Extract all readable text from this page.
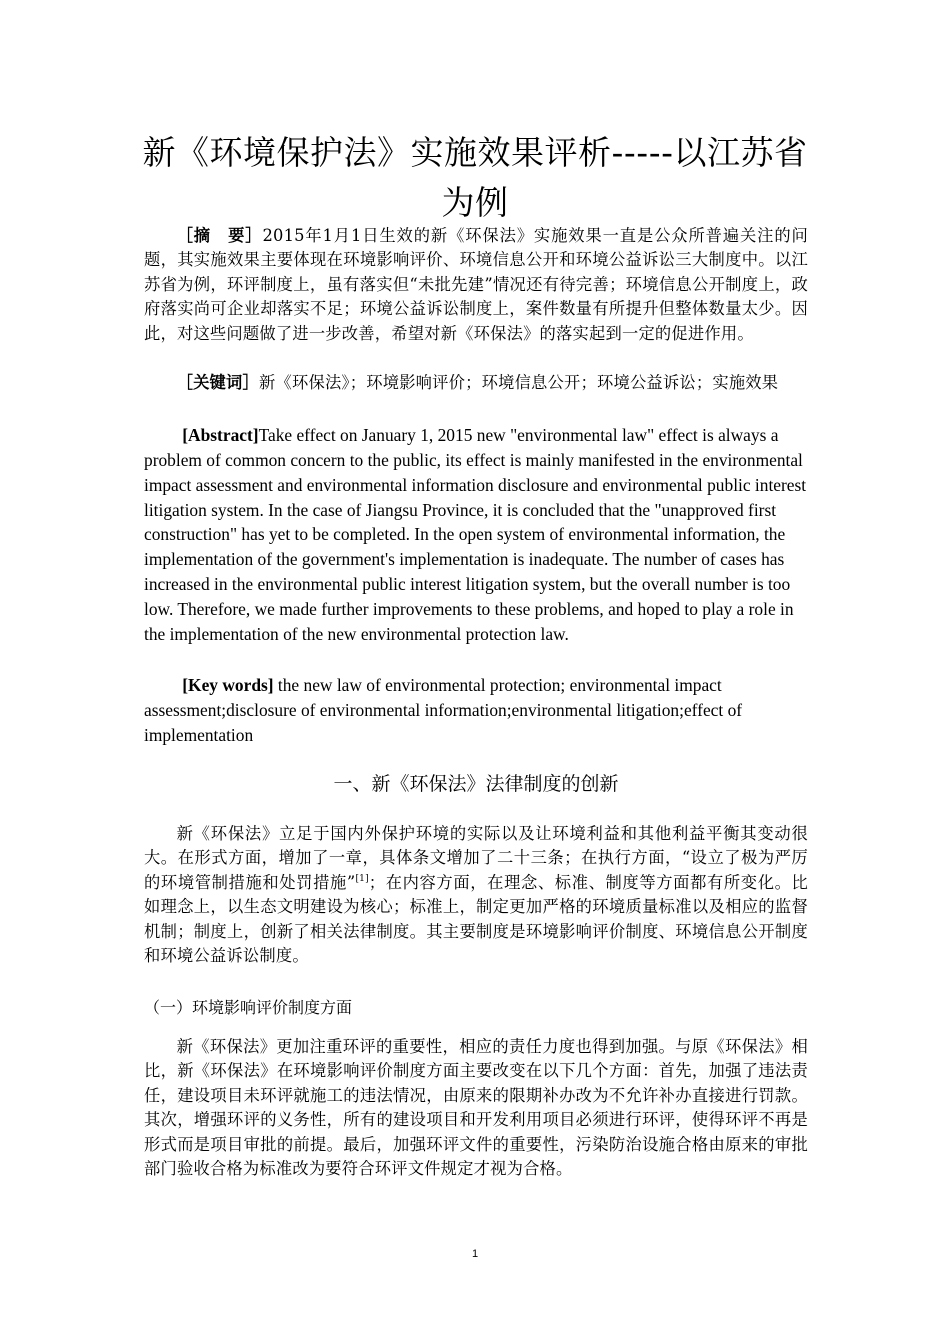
新《环境保护法》实施效果评析-----以江苏省为例
［摘　要］2015年1月1日生效的新《环保法》实施效果一直是公众所普遍关注的问题，其实施效果主要体现在环境影响评价、环境信息公开和环境公益诉讼三大制度中。以江苏省为例，环评制度上，虽有落实但“未批先建”情况还有待完善；环境信息公开制度上，政府落实尚可企业却落实不足；环境公益诉讼制度上，案件数量有所提升但整体数量太少。因此，对这些问题做了进一步改善，希望对新《环保法》的落实起到一定的促进作用。
［关键词］新《环保法》；环境影响评价；环境信息公开；环境公益诉讼；实施效果
[Abstract]Take effect on January 1, 2015 new "environmental law" effect is always a problem of common concern to the public, its effect is mainly manifested in the environmental impact assessment and environmental information disclosure and environmental public interest litigation system. In the case of Jiangsu Province, it is concluded that the "unapproved first construction" has yet to be completed. In the open system of environmental information, the implementation of the government's implementation is inadequate. The number of cases has increased in the environmental public interest litigation system, but the overall number is too low. Therefore, we made further improvements to these problems, and hoped to play a role in the implementation of the new environmental protection law.
[Key words] the new law of environmental protection; environmental impact assessment;disclosure of environmental information;environmental litigation;effect of implementation
一、新《环保法》法律制度的创新
新《环保法》立足于国内外保护环境的实际以及让环境利益和其他利益平衡其变动很大。在形式方面，增加了一章，具体条文增加了二十三条；在执行方面，“设立了极为严厉的环境管制措施和处罚措施”[1]；在内容方面，在理念、标准、制度等方面都有所变化。比如理念上，以生态文明建设为核心；标准上，制定更加严格的环境质量标准以及相应的监督机制；制度上，创新了相关法律制度。其主要制度是环境影响评价制度、环境信息公开制度和环境公益诉讼制度。
（一）环境影响评价制度方面
新《环保法》更加注重环评的重要性，相应的责任力度也得到加强。与原《环保法》相比，新《环保法》在环境影响评价制度方面主要改变在以下几个方面：首先，加强了违法责任，建设项目未环评就施工的违法情况，由原来的限期补办改为不允许补办直接进行罚款。其次，增强环评的义务性，所有的建设项目和开发利用项目必须进行环评，使得环评不再是形式而是项目审批的前提。最后，加强环评文件的重要性，污染防治设施合格由原来的审批部门验收合格为标准改为要符合环评文件规定才视为合格。
1
